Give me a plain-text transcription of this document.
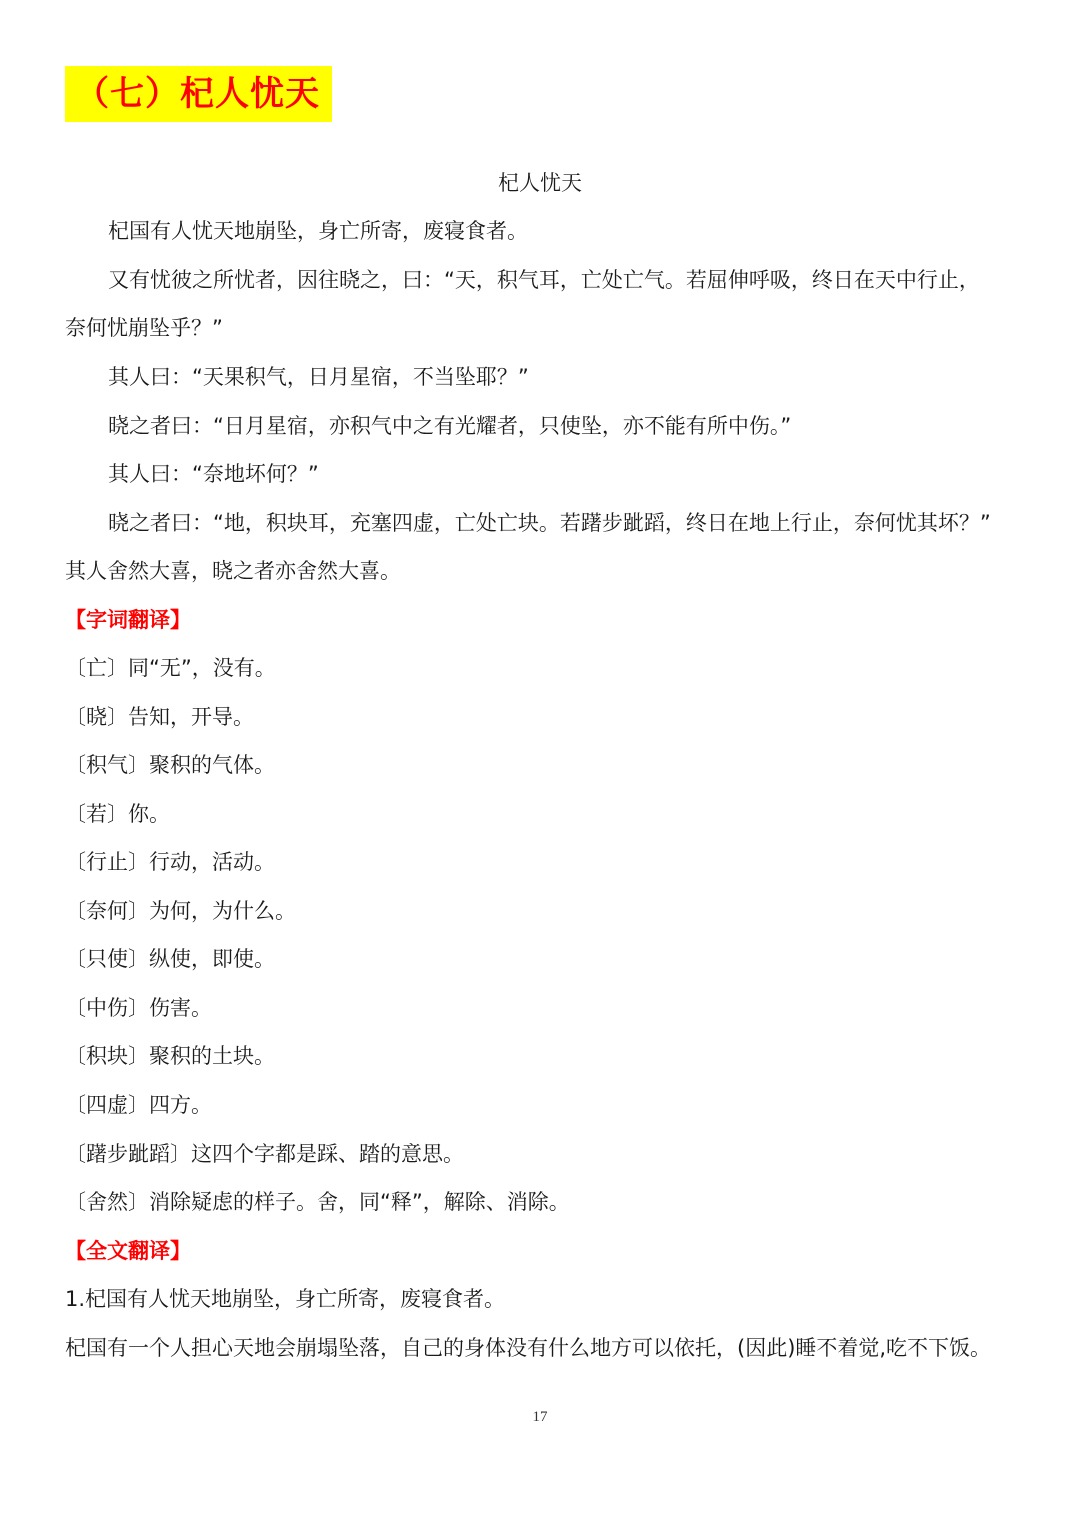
（七）杞人忧天
杞人忧天
杞国有人忧天地崩坠，身亡所寄，废寝食者。
又有忧彼之所忧者，因往晓之，曰：“天，积气耳，亡处亡气。若屈伸呼吸，终日在天中行止，
奈何忧崩坠乎？”
其人曰：“天果积气，日月星宿，不当坠耶？”
晓之者曰：“日月星宿，亦积气中之有光耀者，只使坠，亦不能有所中伤。”
其人曰：“奈地坏何？”
晓之者曰：“地，积块耳，充塞四虚，亡处亡块。若躇步跐蹈，终日在地上行止，奈何忧其坏？”
其人舍然大喜，晓之者亦舍然大喜。
【字词翻译】
〔亡〕同“无”，没有。
〔晓〕告知，开导。
〔积气〕聚积的气体。
〔若〕你。
〔行止〕行动，活动。
〔奈何〕为何，为什么。
〔只使〕纵使，即使。
〔中伤〕伤害。
〔积块〕聚积的土块。
〔四虚〕四方。
〔躇步跐蹈〕这四个字都是踩、踏的意思。
〔舍然〕消除疑虑的样子。舍，同“释”，解除、消除。
【全文翻译】
1.杞国有人忧天地崩坠，身亡所寄，废寝食者。
杞国有一个人担心天地会崩塌坠落，自己的身体没有什么地方可以依托，(因此)睡不着觉,吃不下饭。
17
